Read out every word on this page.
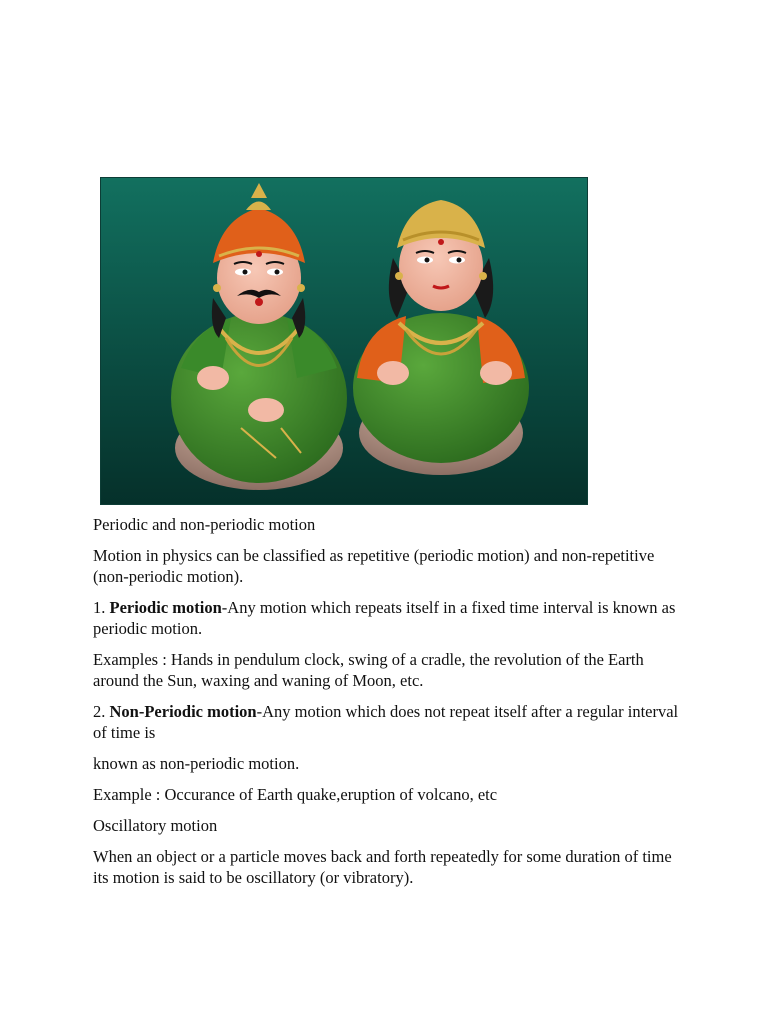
Periodic and non-periodic motion

Motion in physics can be classified as repetitive (periodic motion) and non-repetitive (non-periodic motion).

1. Periodic motion-Any motion which repeats itself in a fixed time interval is known as periodic motion.

Examples : Hands in pendulum clock, swing of a cradle, the revolution of the Earth around the Sun, waxing and waning of Moon, etc.

2. Non-Periodic motion-Any motion which does not repeat itself after a regular interval of time is

known as non-periodic motion.

Example : Occurance of Earth quake,eruption of volcano, etc

Oscillatory motion

When an object or a particle moves back and forth repeatedly for some duration of time its motion is said to be oscillatory (or vibratory).
